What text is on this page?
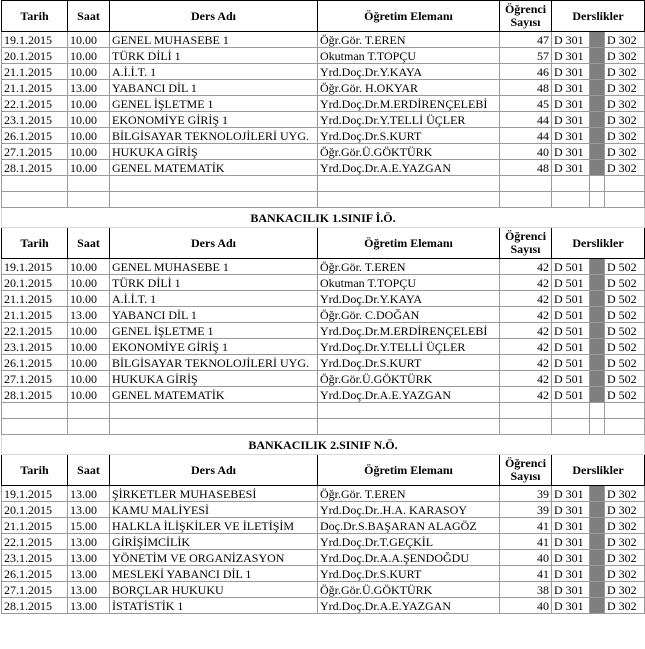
Tarih	Saat	Ders Adı	Öğretim Elemanı	Öğrenci
Sayısı	Derslikler		
19.1.2015	10.00	GENEL MUHASEBE 1	Öğr.Gör. T.EREN	47	D 301		D 302
20.1.2015	10.00	TÜRK DİLİ 1	Okutman T.TOPÇU	57	D 301		D 302
21.1.2015	10.00	A.İ.İ.T. 1	Yrd.Doç.Dr.Y.KAYA	46	D 301		D 302
21.1.2015	13.00	YABANCI DİL 1	Öğr.Gör. H.OKYAR	48	D 301		D 302
22.1.2015	10.00	GENEL İŞLETME 1	Yrd.Doç.Dr.M.ERDİRENÇELEBİ	45	D 301		D 302
23.1.2015	10.00	EKONOMİYE GİRİŞ 1	Yrd.Doç.Dr.Y.TELLİ ÜÇLER	44	D 301		D 302
26.1.2015	10.00	BİLGİSAYAR TEKNOLOJİLERİ UYG.	Yrd.Doç.Dr.S.KURT	44	D 301		D 302
27.1.2015	10.00	HUKUKA GİRİŞ	Öğr.Gör.Ü.GÖKTÜRK	40	D 301		D 302
28.1.2015	10.00	GENEL MATEMATİK	Yrd.Doç.Dr.A.E.YAZGAN	48	D 301		D 302

BANKACILIK 1.SINIF İ.Ö.							
Tarih	Saat	Ders Adı	Öğretim Elemanı	Öğrenci
Sayısı	Derslikler		
19.1.2015	10.00	GENEL MUHASEBE 1	Öğr.Gör. T.EREN	42	D 501		D 502
20.1.2015	10.00	TÜRK DİLİ 1	Okutman T.TOPÇU	42	D 501		D 502
21.1.2015	10.00	A.İ.İ.T. 1	Yrd.Doç.Dr.Y.KAYA	42	D 501		D 502
21.1.2015	13.00	YABANCI DİL 1	Öğr.Gör. C.DOĞAN	42	D 501		D 502
22.1.2015	10.00	GENEL İŞLETME 1	Yrd.Doç.Dr.M.ERDİRENÇELEBİ	42	D 501		D 502
23.1.2015	10.00	EKONOMİYE GİRİŞ 1	Yrd.Doç.Dr.Y.TELLİ ÜÇLER	42	D 501		D 502
26.1.2015	10.00	BİLGİSAYAR TEKNOLOJİLERİ UYG.	Yrd.Doç.Dr.S.KURT	42	D 501		D 502
27.1.2015	10.00	HUKUKA GİRİŞ	Öğr.Gör.Ü.GÖKTÜRK	42	D 501		D 502
28.1.2015	10.00	GENEL MATEMATİK	Yrd.Doç.Dr.A.E.YAZGAN	42	D 501		D 502

BANKACILIK 2.SINIF N.Ö.							
Tarih	Saat	Ders Adı	Öğretim Elemanı	Öğrenci
Sayısı	Derslikler		
19.1.2015	13.00	ŞİRKETLER MUHASEBESİ	Öğr.Gör. T.EREN	39	D 301		D 302
20.1.2015	13.00	KAMU MALİYESİ	Yrd.Doç.Dr..H.A. KARASOY	39	D 301		D 302
21.1.2015	15.00	HALKLA İLİŞKİLER VE İLETİŞİM	Doç.Dr.S.BAŞARAN ALAGÖZ	41	D 301		D 302
22.1.2015	13.00	GİRİŞİMCİLİK	Yrd.Doç.Dr.T.GEÇKİL	41	D 301		D 302
23.1.2015	13.00	YÖNETİM VE ORGANİZASYON	Yrd.Doç.Dr.A.A.ŞENDOĞDU	40	D 301		D 302
26.1.2015	13.00	MESLEKİ YABANCI DİL 1	Yrd.Doç.Dr.S.KURT	41	D 301		D 302
27.1.2015	13.00	BORÇLAR HUKUKU	Öğr.Gör.Ü.GÖKTÜRK	38	D 301		D 302
28.1.2015	13.00	İSTATİSTİK 1	Yrd.Doç.Dr.A.E.YAZGAN	40	D 301		D 302
